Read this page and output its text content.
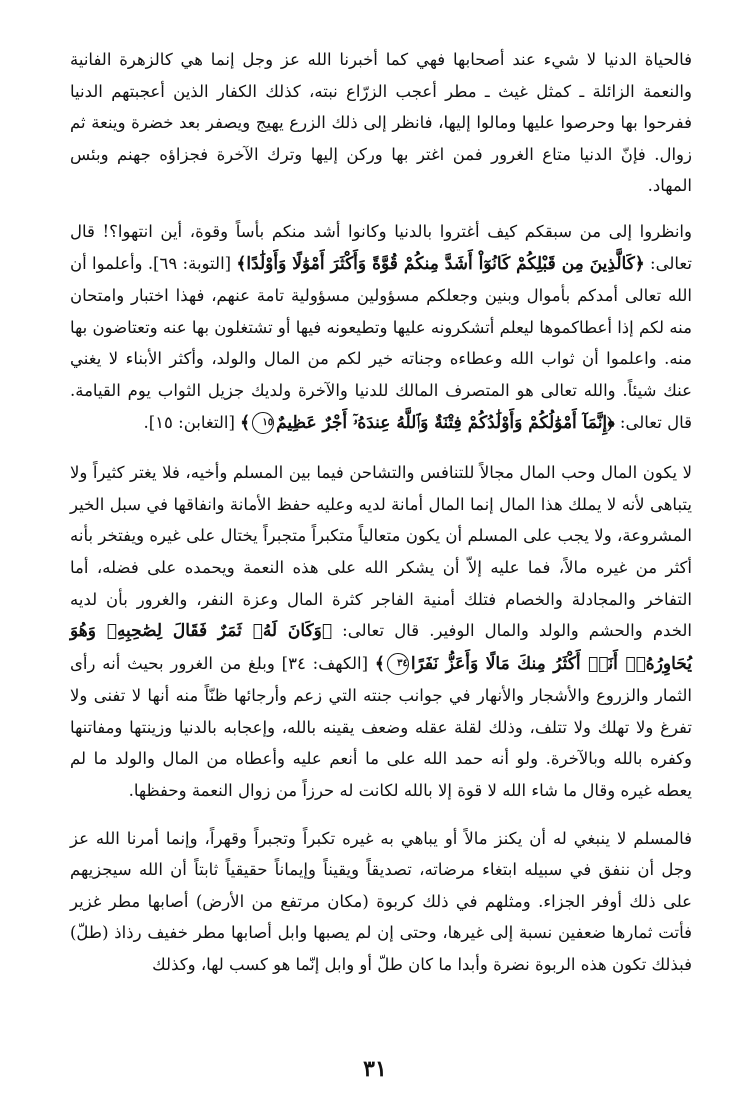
فالحياة الدنيا لا شيء عند أصحابها فهي كما أخبرنا الله عز وجل إنما هي كالزهرة الفانية والنعمة الزائلة ـ كمثل غيث ـ مطر أعجب الزرّاع نبته، كذلك الكفار الذين أعجبتهم الدنيا ففرحوا بها وحرصوا عليها ومالوا إليها، فانظر إلى ذلك الزرع يهيج ويصفر بعد خضرة وينعة ثم زوال. فإنّ الدنيا متاع الغرور فمن اغتر بها وركن إليها وترك الآخرة فجزاؤه جهنم وبئس المهاد.

وانظروا إلى من سبقكم كيف أغتروا بالدنيا وكانوا أشد منكم بأساً وقوة، أين انتهوا؟! قال تعالى: ﴿كَالَّذِينَ مِن قَبْلِكُمْ كَانُوٓاْ أَشَدَّ مِنكُمْ قُوَّةً وَأَكْثَرَ أَمْوَٰلًا وَأَوْلَٰدًا﴾ [التوبة: ٦٩]. وأعلموا أن الله تعالى أمدكم بأموال وبنين وجعلكم مسؤولين مسؤولية تامة عنهم، فهذا اختبار وامتحان منه لكم إذا أعطاكموها ليعلم أتشكرونه عليها وتطيعونه فيها أو تشتغلون بها عنه وتعتاضون بها منه. واعلموا أن ثواب الله وعطاءه وجناته خير لكم من المال والولد، وأكثر الأبناء لا يغني عنك شيئاً. والله تعالى هو المتصرف المالك للدنيا والآخرة ولديك جزيل الثواب يوم القيامة. قال تعالى: ﴿إِنَّمَآ أَمْوَٰلُكُمْ وَأَوْلَٰدُكُمْ فِتْنَةٌ وَٱللَّهُ عِندَهُۥٓ أَجْرٌ عَظِيمٌ١٥﴾ [التغابن: ١٥].

لا يكون المال وحب المال مجالاً للتنافس والتشاحن فيما بين المسلم وأخيه، فلا يغتر كثيراً ولا يتباهى لأنه لا يملك هذا المال إنما المال أمانة لديه وعليه حفظ الأمانة وانفاقها في سبل الخير المشروعة، ولا يجب على المسلم أن يكون متعالياً متكبراً متجبراً يختال على غيره ويفتخر بأنه أكثر من غيره مالاً، فما عليه إلاّ أن يشكر الله على هذه النعمة ويحمده على فضله، أما التفاخر والمجادلة والخصام فتلك أمنية الفاجر كثرة المال وعزة النفر، والغرور بأن لديه الخدم والحشم والولد والمال الوفير. قال تعالى: ﴿وَكَانَ لَهُۥ ثَمَرٌ فَقَالَ لِصَٰحِبِهِۦ وَهُوَ يُحَاوِرُهُۥٓ أَنَا۠ أَكْثَرُ مِنكَ مَالًا وَأَعَزُّ نَفَرًا٣٤﴾ [الكهف: ٣٤] وبلغ من الغرور بحيث أنه رأى الثمار والزروع والأشجار والأنهار في جوانب جنته التي زعم وأرجائها ظنّاً منه أنها لا تفنى ولا تفرغ ولا تهلك ولا تتلف، وذلك لقلة عقله وضعف يقينه بالله، وإعجابه بالدنيا وزينتها ومفاتنها وكفره بالله وبالآخرة. ولو أنه حمد الله على ما أنعم عليه وأعطاه من المال والولد ما لم يعطه غيره وقال ما شاء الله لا قوة إلا بالله لكانت له حرزاً من زوال النعمة وحفظها.

فالمسلم لا ينبغي له أن يكنز مالاً أو يباهي به غيره تكبراً وتجبراً وقهراً، وإنما أمرنا الله عز وجل أن ننفق في سبيله ابتغاء مرضاته، تصديقاً ويقيناً وإيماناً حقيقياً ثابتاً أن الله سيجزيهم على ذلك أوفر الجزاء. ومثلهم في ذلك كربوة (مكان مرتفع من الأرض) أصابها مطر غزير فأتت ثمارها ضعفين نسبة إلى غيرها، وحتى إن لم يصبها وابل أصابها مطر خفيف رذاذ (طلّ) فبذلك تكون هذه الربوة نضرة وأبدا ما كان طلّ أو وابل إنّما هو كسب لها، وكذلك

٣١
